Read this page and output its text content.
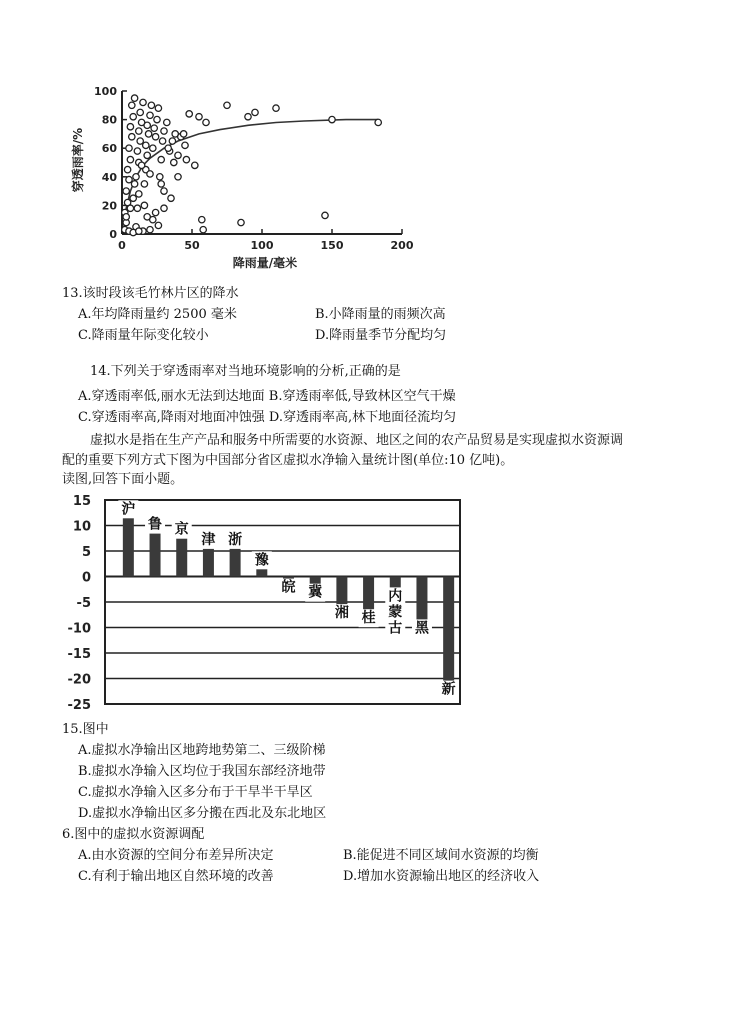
0
20
40
60
80
100
0	50	100	150	200
穿透雨率/%
降雨量/毫米
13.该时段该毛竹林片区的降水
A.年均降雨量约 2500 毫米	B.小降雨量的雨频次高
C.降雨量年际变化较小	D.降雨量季节分配均匀
14.下列关于穿透雨率对当地环境影响的分析,正确的是
A.穿透雨率低,丽水无法到达地面 B.穿透雨率低,导致林区空气干燥
C.穿透雨率高,降雨对地面冲蚀强 D.穿透雨率高,林下地面径流均匀
虚拟水是指在生产产品和服务中所需要的水资源、地区之间的农产品贸易是实现虚拟水资源调
配的重要下列方式下图为中国部分省区虚拟水净输入量统计图(单位:10 亿吨)。
读图,回答下面小题。
15
10
5
0
-5
-10
-15
-20
-25
沪
鲁 京
津 浙
豫
皖 冀
湘 桂
内蒙古 黑
新
15.图中
A.虚拟水净输出区地跨地势第二、三级阶梯
B.虚拟水净输入区均位于我国东部经济地带
C.虚拟水净输入区多分布于干旱半干旱区
D.虚拟水净输出区多分搬在西北及东北地区
6.图中的虚拟水资源调配
A.由水资源的空间分布差异所决定	B.能促进不同区域间水资源的均衡
C.有利于输出地区自然环境的改善	D.增加水资源输出地区的经济收入
